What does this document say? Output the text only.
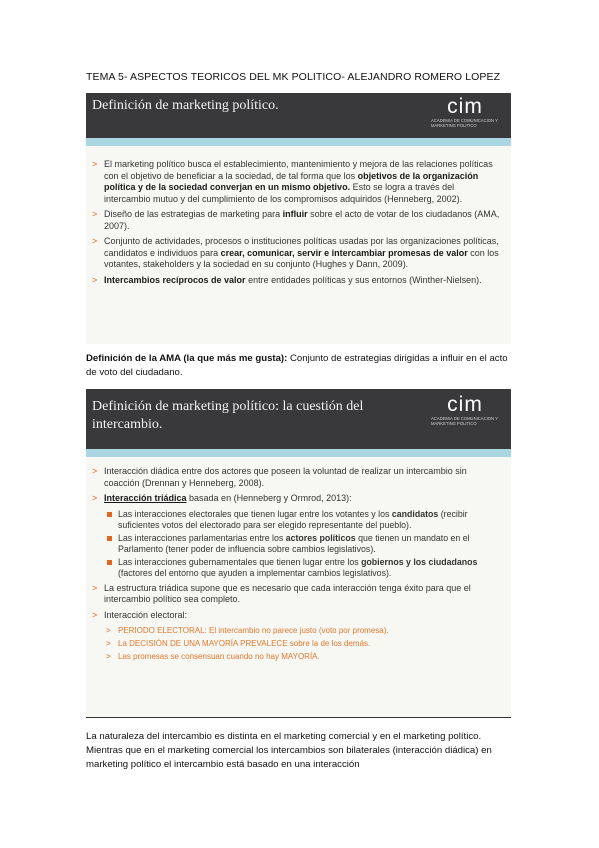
TEMA 5- ASPECTOS TEORICOS DEL MK POLITICO- ALEJANDRO ROMERO LOPEZ
Definición de marketing político.	cim
ACADEMIA DE COMUNICACION Y MARKETING POLITICO
> El marketing político busca el establecimiento, mantenimiento y mejora de las relaciones políticas con el objetivo de beneficiar a la sociedad, de tal forma que los objetivos de la organización política y de la sociedad converjan en un mismo objetivo. Esto se logra a través del intercambio mutuo y del cumplimiento de los compromisos adquiridos (Henneberg, 2002).
> Diseño de las estrategias de marketing para influir sobre el acto de votar de los ciudadanos (AMA, 2007).
> Conjunto de actividades, procesos o instituciones políticas usadas por las organizaciones políticas, candidatos e individuos para crear, comunicar, servir e intercambiar promesas de valor con los votantes, stakeholders y la sociedad en su conjunto (Hughes y Dann, 2009).
> Intercambios recíprocos de valor entre entidades políticas y sus entornos (Winther-Nielsen).
Definición de la AMA (la que más me gusta): Conjunto de estrategias dirigidas a influir en el acto de voto del ciudadano.
Definición de marketing político: la cuestión del intercambio.
cim
ACADEMIA DE COMUNICACION Y MARKETING POLITICO
> Interacción diádica entre dos actores que poseen la voluntad de realizar un intercambio sin coacción (Drennan y Henneberg, 2008).
> Interacción triádica basada en (Henneberg y Ormrod, 2013):
Las interacciones electorales que tienen lugar entre los votantes y los candidatos (recibir suficientes votos del electorado para ser elegido representante del pueblo).
Las interacciones parlamentarias entre los actores políticos que tienen un mandato en el Parlamento (tener poder de influencia sobre cambios legislativos).
Las interacciones gubernamentales que tienen lugar entre los gobiernos y los ciudadanos (factores del entorno que ayuden a implementar cambios legislativos).
> La estructura triádica supone que es necesario que cada interacción tenga éxito para que el intercambio político sea completo.
> Interacción electoral:
> PERIODO ELECTORAL: El intercambio no parece justo (voto por promesa).
> La DECISIÓN DE UNA MAYORÍA PREVALECE sobre la de los demás.
> Las promesas se consensuan cuando no hay MAYORÍA.
La naturaleza del intercambio es distinta en el marketing comercial y en el marketing político. Mientras que en el marketing comercial los intercambios son bilaterales (interacción diádica) en marketing político el intercambio está basado en una interacción
